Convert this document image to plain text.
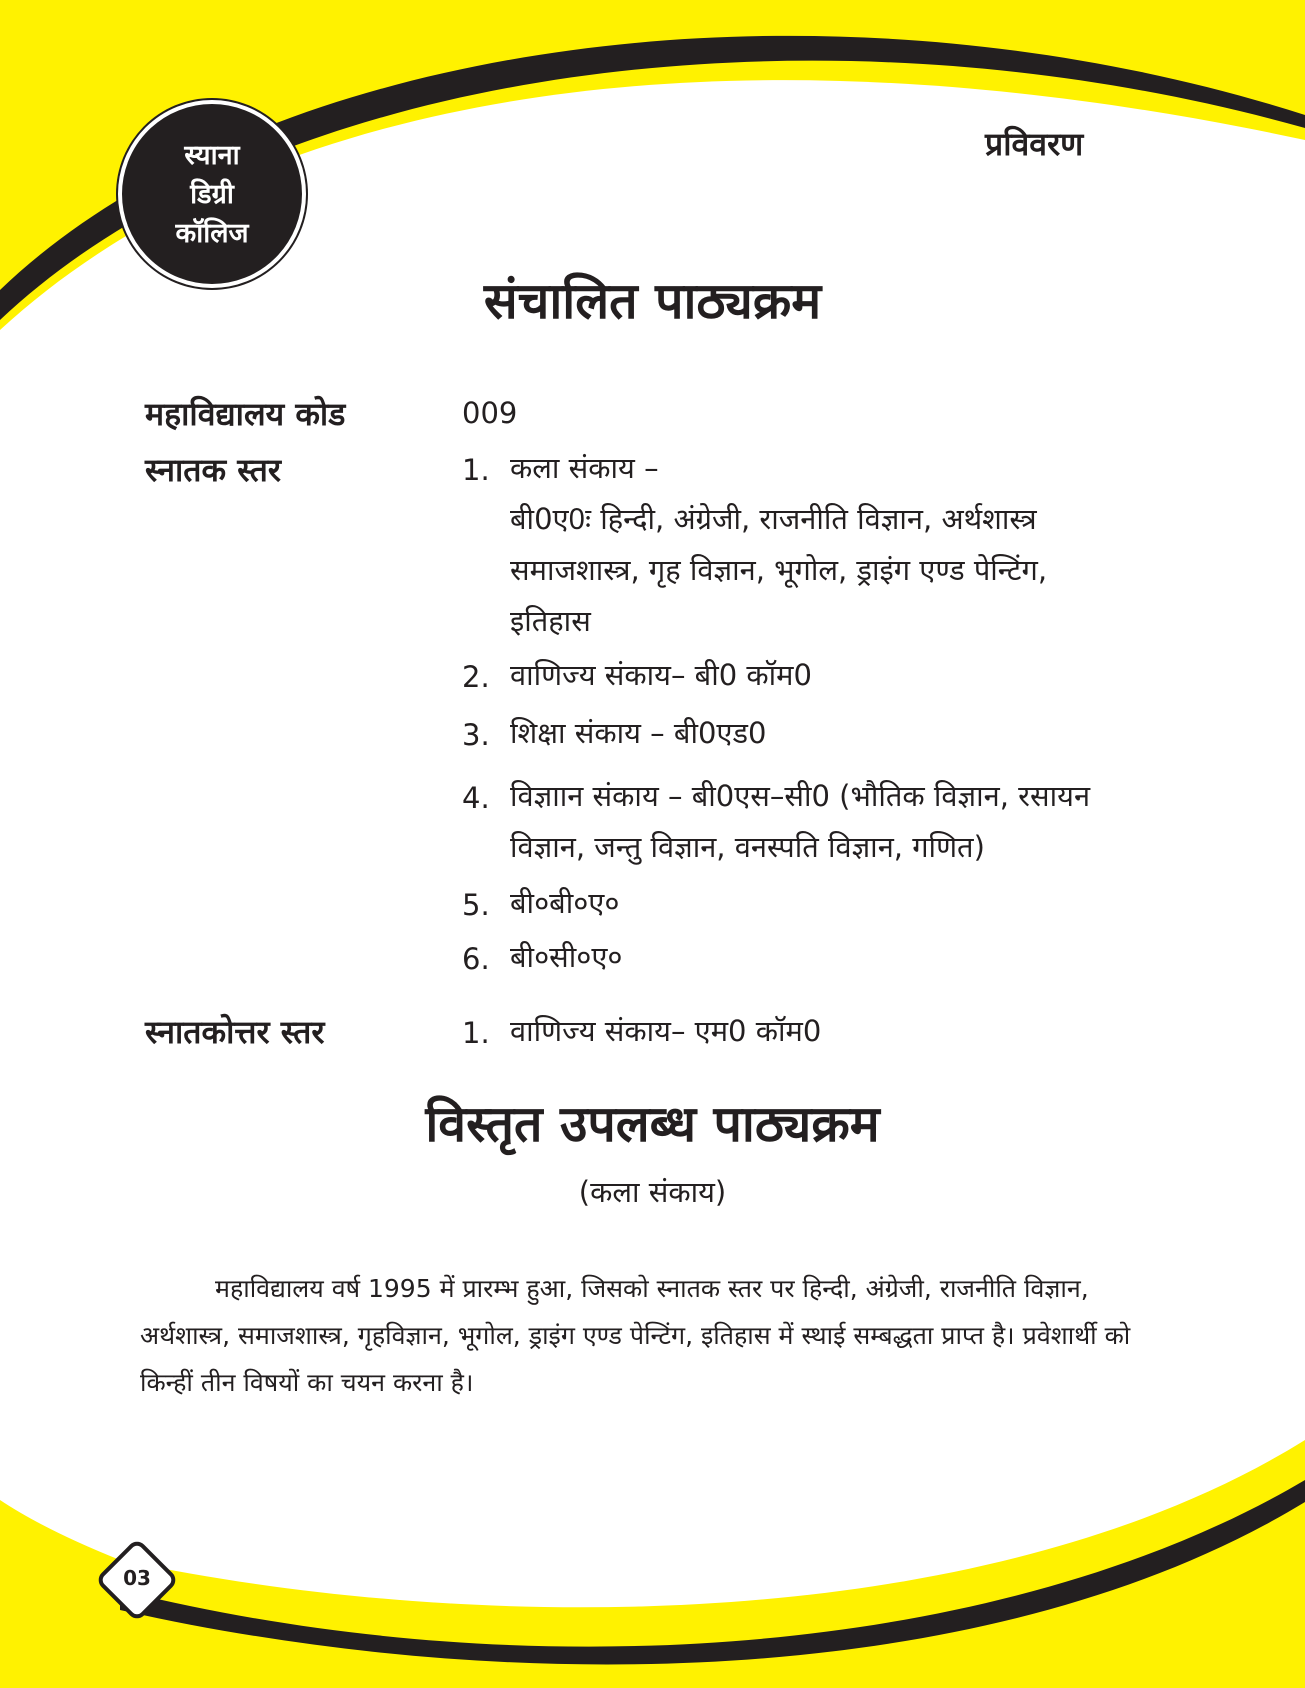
स्याना
डिग्री
कॉलिज
प्रविवरण
संचालित पाठ्यक्रम
महाविद्यालय कोड	009
स्नातक स्तर	1. कला संकाय –
बी0ए0ः हिन्दी, अंग्रेजी, राजनीति विज्ञान, अर्थशास्त्र
समाजशास्त्र, गृह विज्ञान, भूगोल, ड्राइंग एण्ड पेन्टिंग,
इतिहास
2. वाणिज्य संकाय– बी0 कॉम0
3. शिक्षा संकाय – बी0एड0
4. विज्ञाान संकाय – बी0एस–सी0 (भौतिक विज्ञान, रसायन
विज्ञान, जन्तु विज्ञान, वनस्पति विज्ञान, गणित)
5. बी०बी०ए०
6. बी०सी०ए०
स्नातकोत्तर स्तर	1. वाणिज्य संकाय– एम0 कॉम0
विस्तृत उपलब्ध पाठ्यक्रम
(कला संकाय)

महाविद्यालय वर्ष 1995 में प्रारम्भ हुआ, जिसको स्नातक स्तर पर हिन्दी, अंग्रेजी, राजनीति विज्ञान, अर्थशास्त्र, समाजशास्त्र, गृहविज्ञान, भूगोल, ड्राइंग एण्ड पेन्टिंग, इतिहास में स्थाई सम्बद्धता प्राप्त है। प्रवेशार्थी को किन्हीं तीन विषयों का चयन करना है।

03
